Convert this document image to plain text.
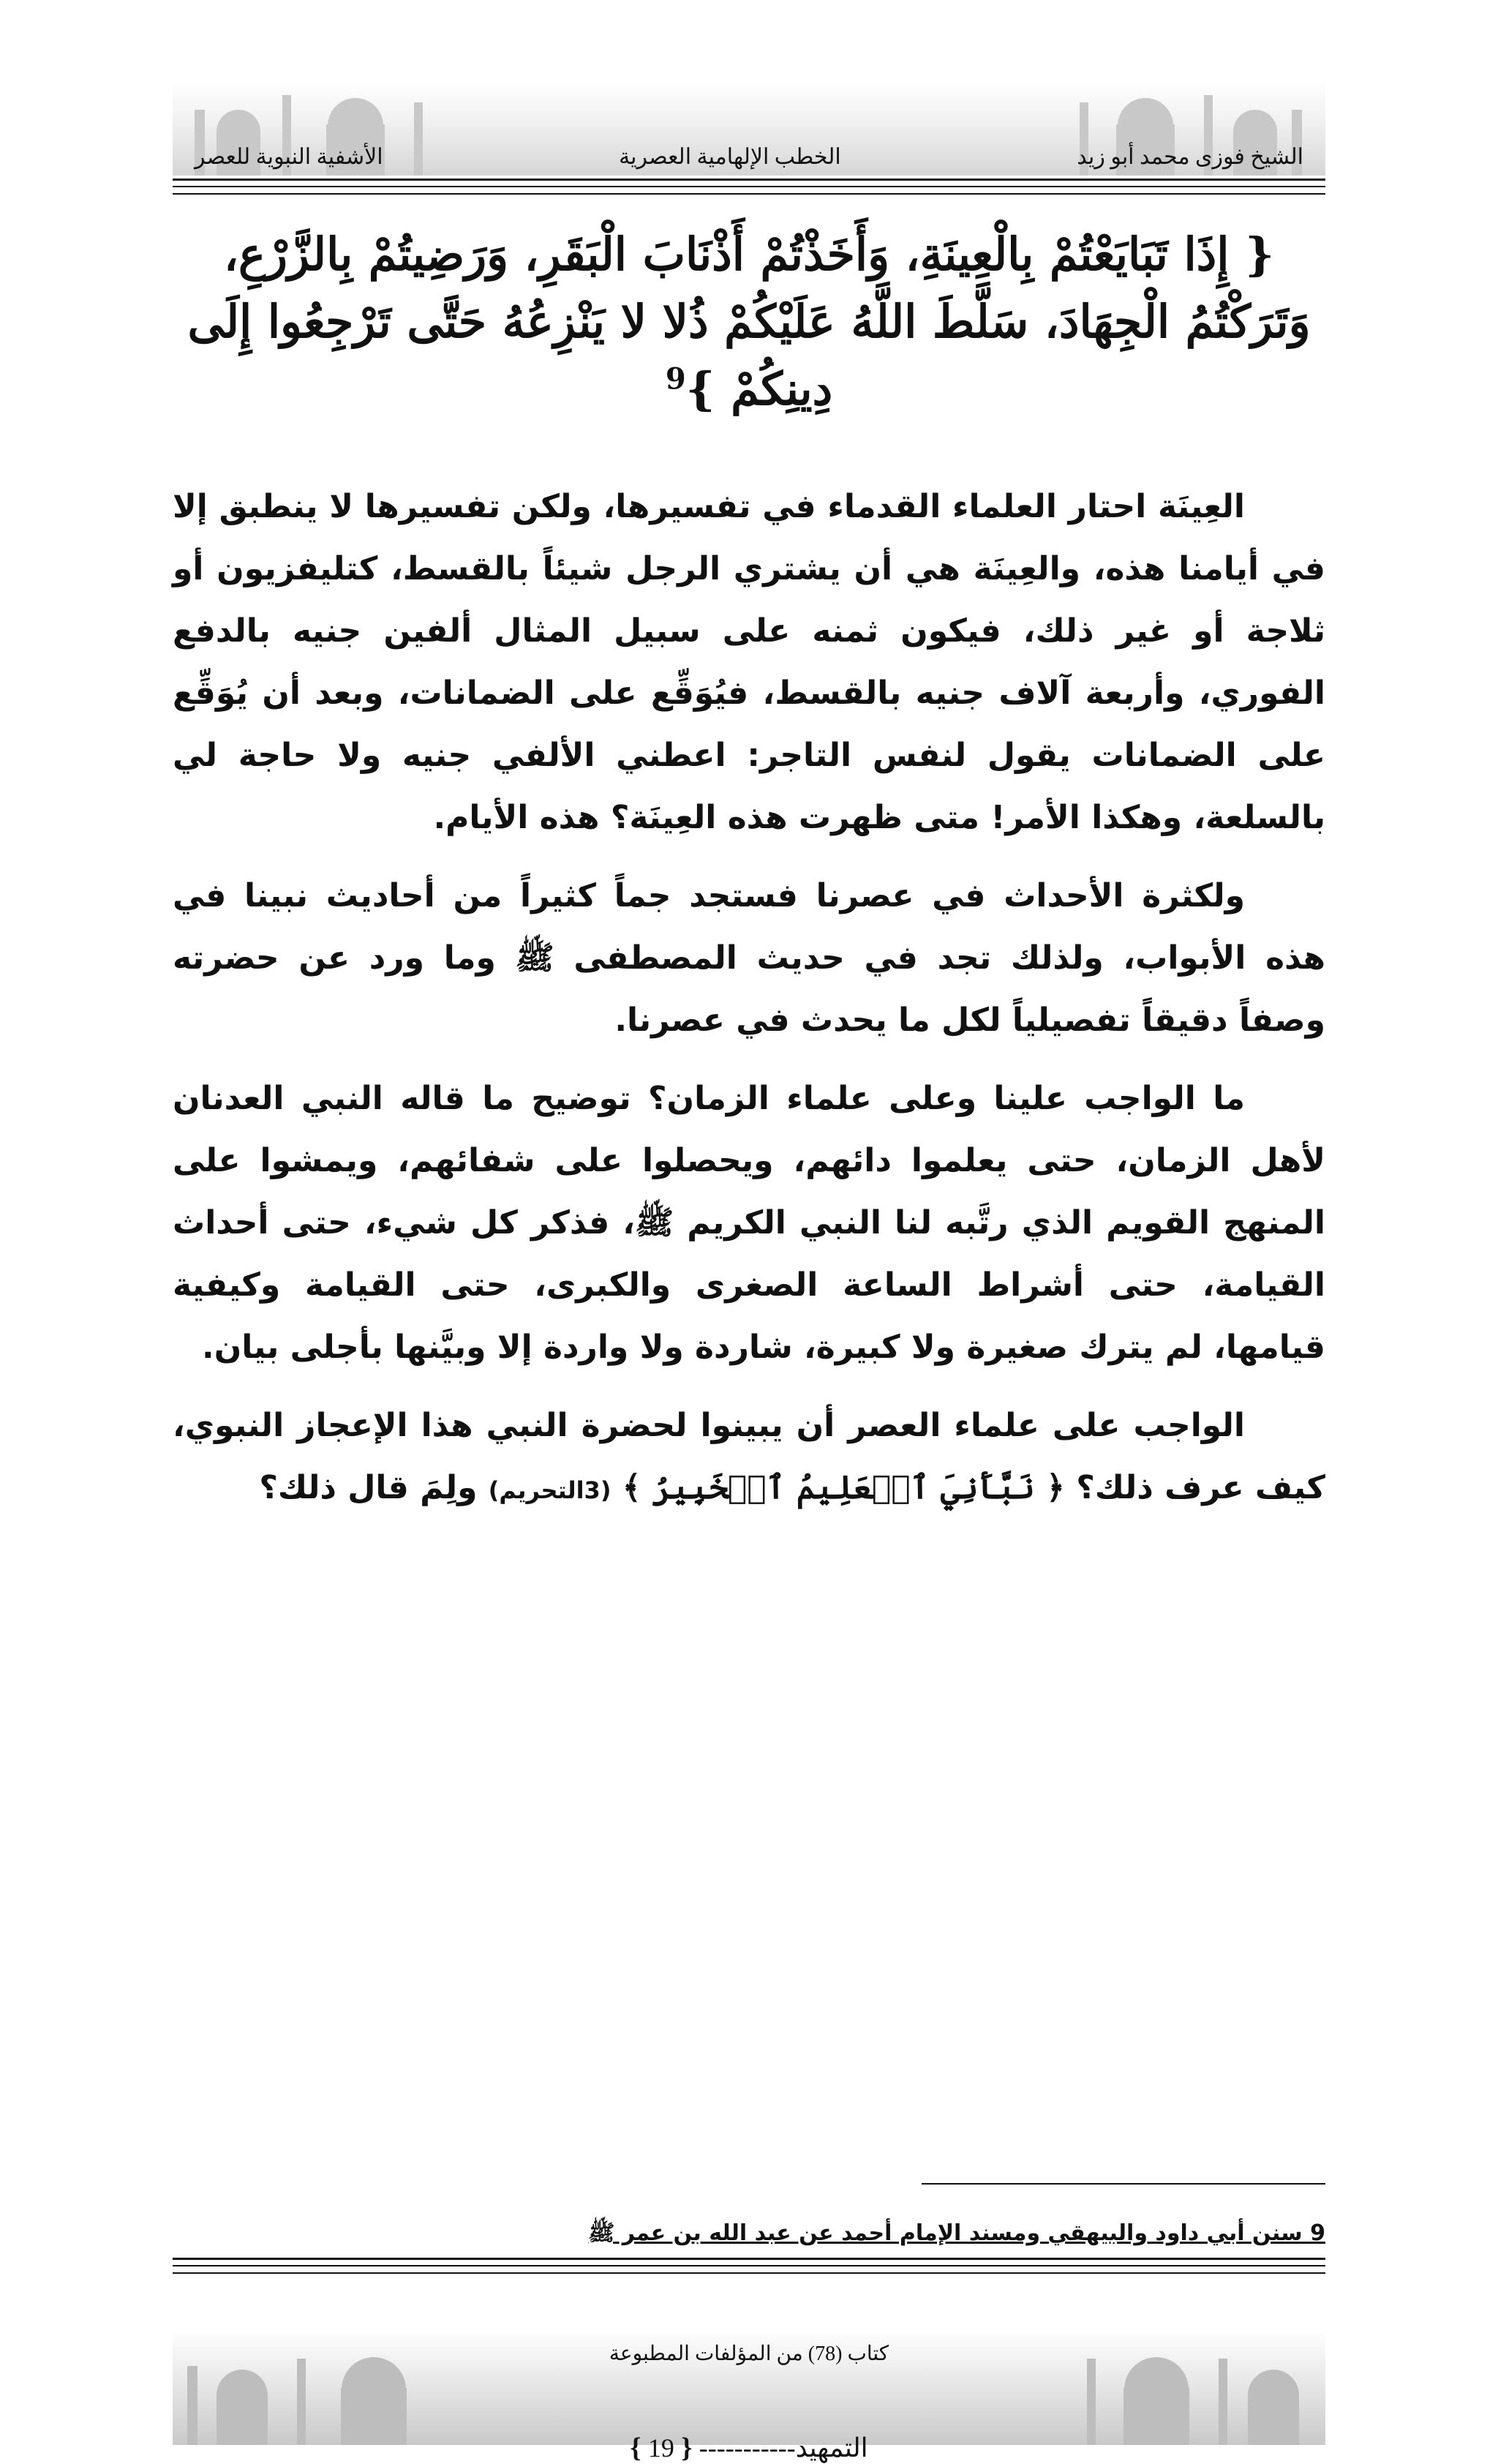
الأشفية النبوية للعصر	الخطب الإلهامية العصرية	الشيخ فوزى محمد أبو زيد
{ إِذَا تَبَايَعْتُمْ بِالْعِينَةِ، وَأَخَذْتُمْ أَذْنَابَ الْبَقَرِ، وَرَضِيتُمْ بِالزَّرْعِ، وَتَرَكْتُمُ الْجِهَادَ، سَلَّطَ اللَّهُ عَلَيْكُمْ ذُلا لا يَنْزِعُهُ حَتَّى تَرْجِعُوا إِلَى دِينِكُمْ }$^9$

العِينَة احتار العلماء القدماء في تفسيرها، ولكن تفسيرها لا ينطبق إلا في أيامنا هذه، والعِينَة هي أن يشتري الرجل شيئاً بالقسط، كتليفزيون أو ثلاجة أو غير ذلك، فيكون ثمنه على سبيل المثال ألفين جنيه بالدفع الفوري، وأربعة آلاف جنيه بالقسط، فيُوَقِّع على الضمانات، وبعد أن يُوَقِّع على الضمانات يقول لنفس التاجر: اعطني الألفي جنيه ولا حاجة لي بالسلعة، وهكذا الأمر! متى ظهرت هذه العِينَة؟ هذه الأيام.

ولكثرة الأحداث في عصرنا فستجد جماً كثيراً من أحاديث نبينا في هذه الأبواب، ولذلك تجد في حديث المصطفى ﷺ وما ورد عن حضرته وصفاً دقيقاً تفصيلياً لكل ما يحدث في عصرنا.

ما الواجب علينا وعلى علماء الزمان؟ توضيح ما قاله النبي العدنان لأهل الزمان، حتى يعلموا دائهم، ويحصلوا على شفائهم، ويمشوا على المنهج القويم الذي رتَّبه لنا النبي الكريم ﷺ، فذكر كل شيء، حتى أحداث القيامة، حتى أشراط الساعة الصغرى والكبرى، حتى القيامة وكيفية قيامها، لم يترك صغيرة ولا كبيرة، شاردة ولا واردة إلا وبيَّنها بأجلى بيان.

الواجب على علماء العصر أن يبينوا لحضرة النبي هذا الإعجاز النبوي، كيف عرف ذلك؟ ﴿ نَبَّأَنِيَ ٱلۡعَلِيمُ ٱلۡخَبِيرُ ﴾ (3التحريم) ولِمَ قال ذلك؟

9 سنن أبي داود والبيهقي ومسند الإمام أحمد عن عبد الله بن عمر ﷺ
كتاب (78) من المؤلفات المطبوعة
التمهيد----------- { 19 }
